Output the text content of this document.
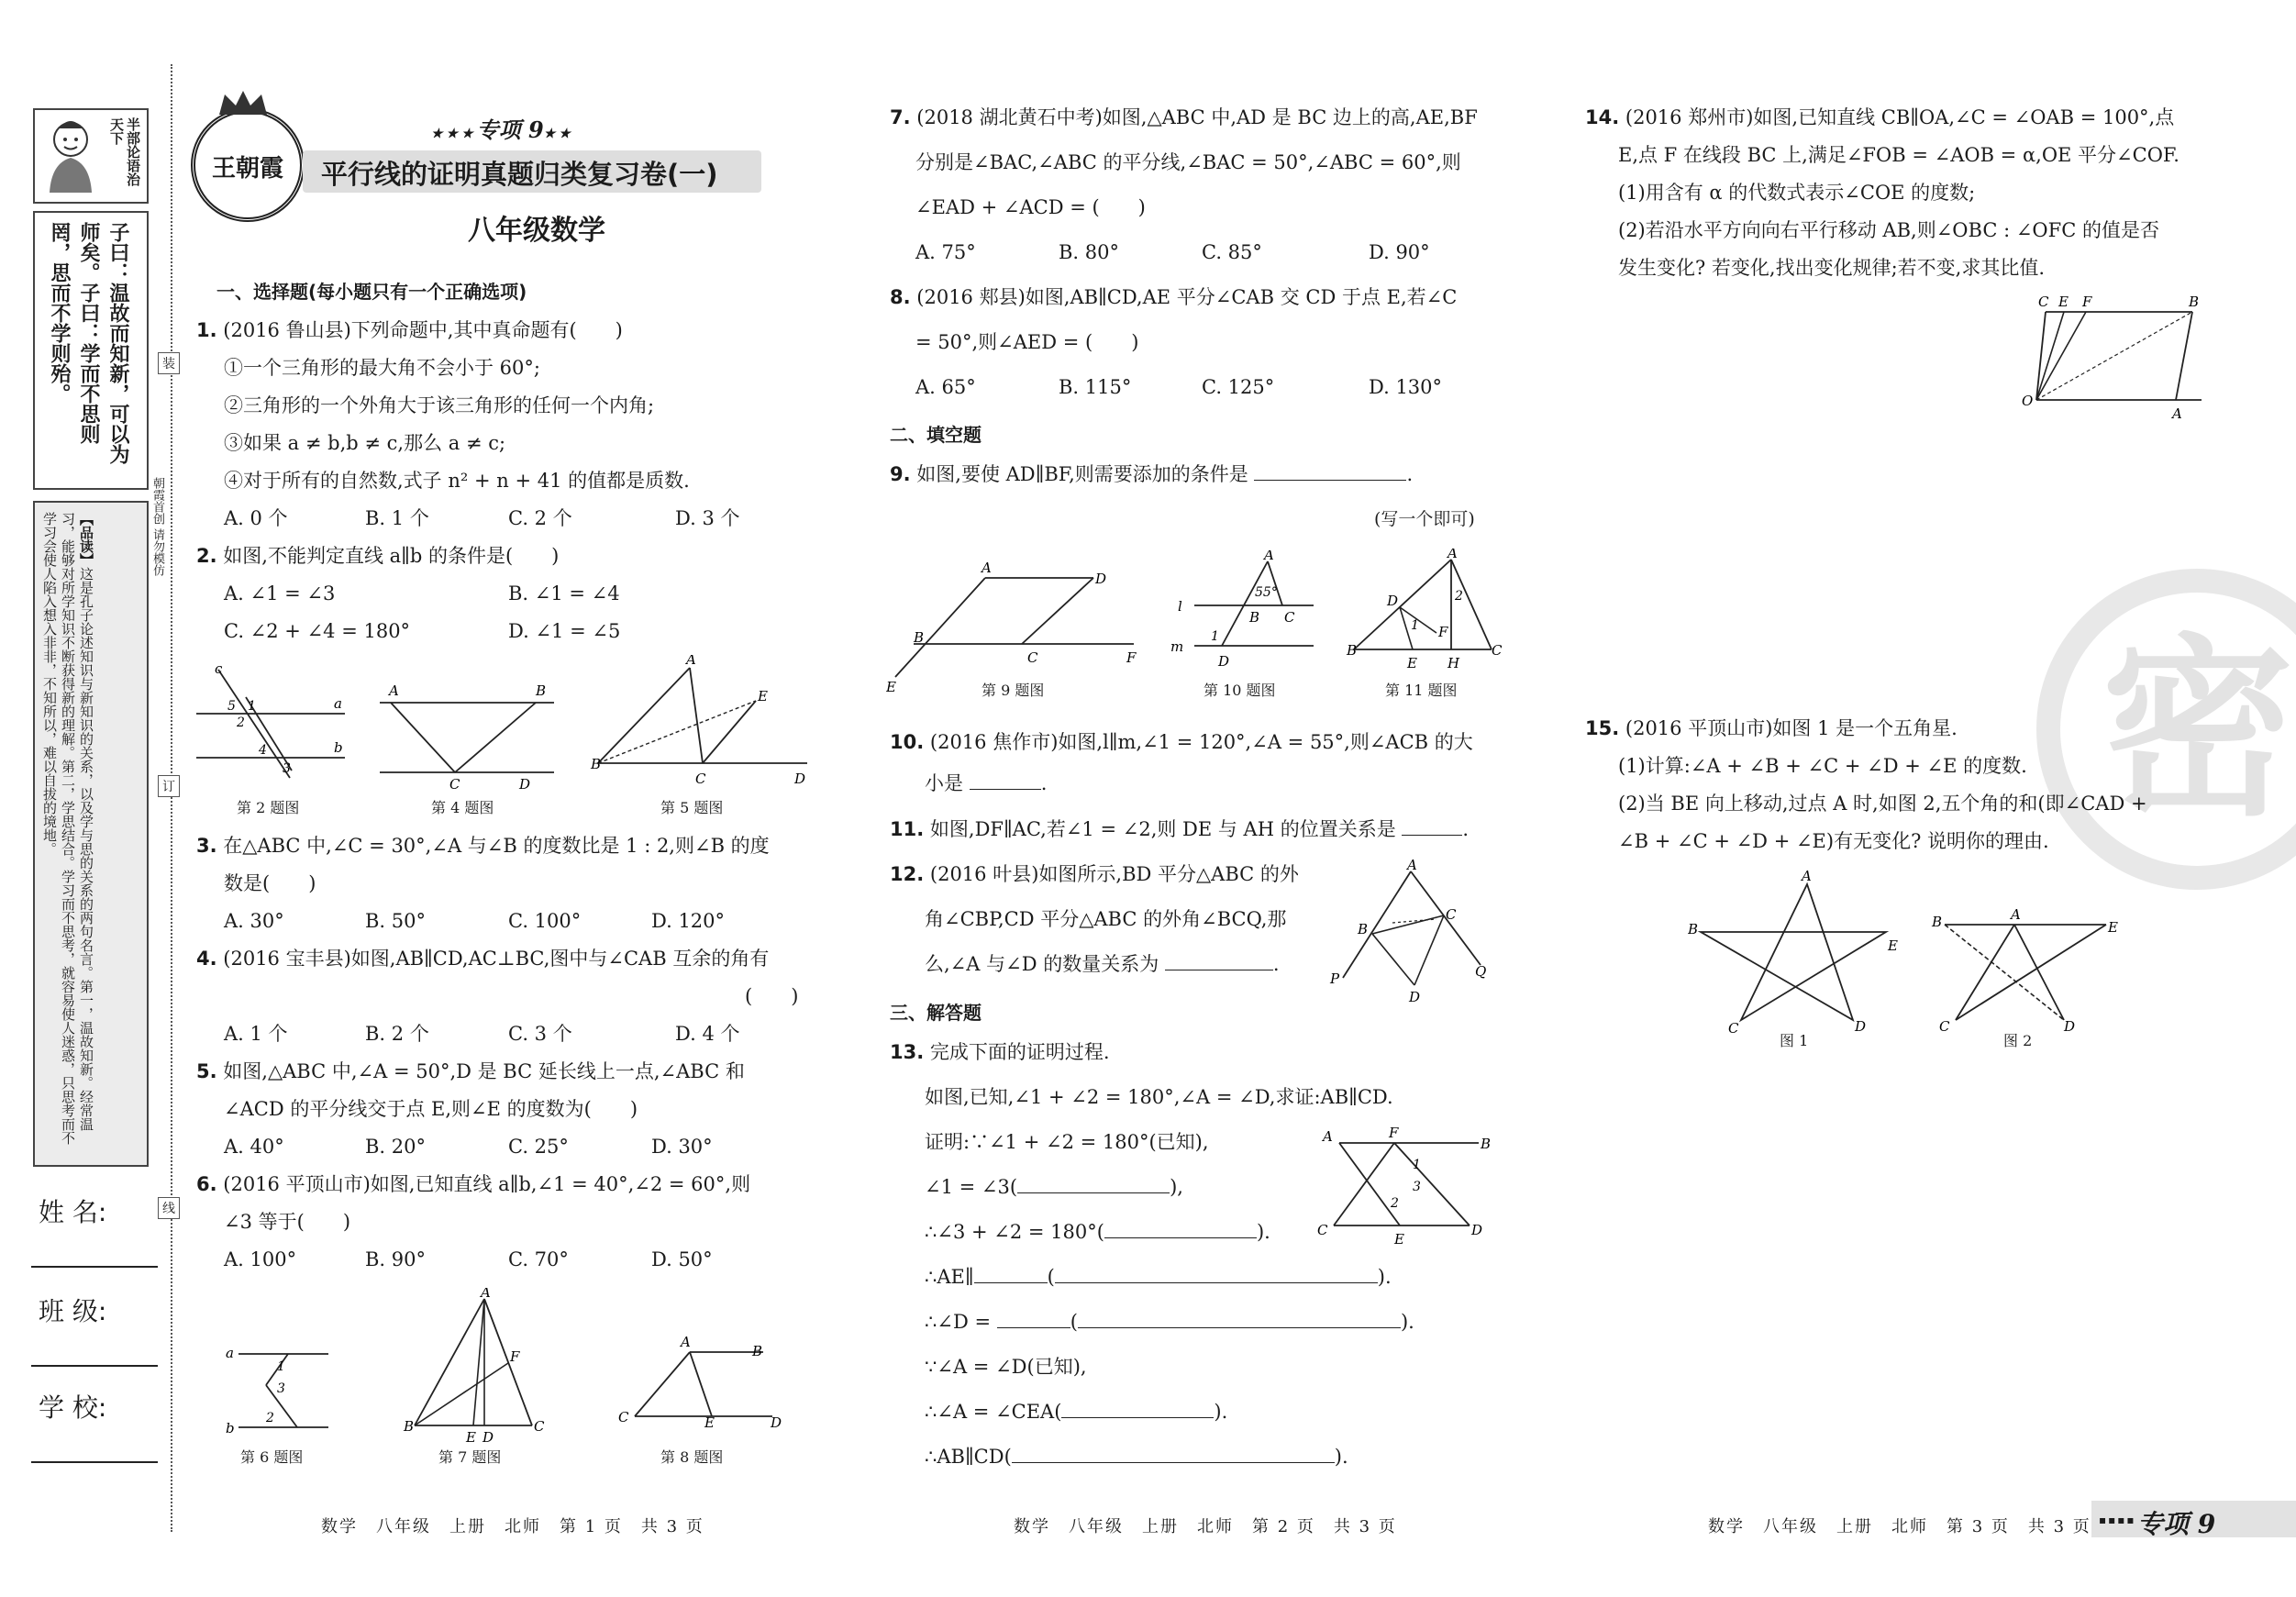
半部论语治天下
子曰：温故而知新，可以为师矣。子曰：学而不思则罔，思而不学则殆。
【品读】这是孔子论述知识与新知识的关系，以及学与思的关系的两句名言。第一，温故知新。经常温习，能够对所学知识不断获得新的理解。第二，学思结合。学习而不思考，就容易使人迷惑，只思考而不学习会使人陷入想入非非，不知所以，难以自拔的境地。
姓 名:
班 级:
学 校:
装
订
线
朝霞首创 请勿模仿
王朝霞
★★★专项 9★★
平行线的证明真题归类复习卷(一)
八年级数学
一、选择题(每小题只有一个正确选项)
1. (2016 鲁山县)下列命题中,其中真命题有(　　)
①一个三角形的最大角不会小于 60°;
②三角形的一个外角大于该三角形的任何一个内角;
③如果 a ≠ b,b ≠ c,那么 a ≠ c;
④对于所有的自然数,式子 n² + n + 41 的值都是质数.
A. 0 个	B. 1 个	C. 2 个	D. 3 个
2. 如图,不能判定直线 a∥b 的条件是(　　)
A. ∠1 = ∠3	B. ∠1 = ∠4
C. ∠2 + ∠4 = 180°	D. ∠1 = ∠5
c
a
b
5 1
2
4
3
A	B
C	D
B
A
E
C	D
第 2 题图	第 4 题图	第 5 题图
3. 在△ABC 中,∠C = 30°,∠A 与∠B 的度数比是 1 : 2,则∠B 的度
数是(　　)
A. 30°	B. 50°	C. 100°	D. 120°
4. (2016 宝丰县)如图,AB∥CD,AC⊥BC,图中与∠CAB 互余的角有
(　　)
A. 1 个	B. 2 个	C. 3 个	D. 4 个
5. 如图,△ABC 中,∠A = 50°,D 是 BC 延长线上一点,∠ABC 和
∠ACD 的平分线交于点 E,则∠E 的度数为(　　)
A. 40°	B. 20°	C. 25°	D. 30°
6. (2016 平顶山市)如图,已知直线 a∥b,∠1 = 40°,∠2 = 60°,则
∠3 等于(　　)
A. 100°	B. 90°	C. 70°	D. 50°
a
b
1
3
2
A
B	C
F
E D
A
B
C	E	D
第 6 题图	第 7 题图	第 8 题图
7. (2018 湖北黄石中考)如图,△ABC 中,AD 是 BC 边上的高,AE,BF
分别是∠BAC,∠ABC 的平分线,∠BAC = 50°,∠ABC = 60°,则
∠EAD + ∠ACD = (　　)
A. 75°	B. 80°	C. 85°	D. 90°
8. (2016 郏县)如图,AB∥CD,AE 平分∠CAB 交 CD 于点 E,若∠C
= 50°,则∠AED = (　　)
A. 65°	B. 115°	C. 125°	D. 130°
二、填空题
9. 如图,要使 AD∥BF,则需要添加的条件是	.
(写一个即可)
A
D
B
C	F
E
A
l
m
55°
B C
1
D
A
B	C
D
F
E H
1
2
第 9 题图	第 10 题图	第 11 题图
10. (2016 焦作市)如图,l∥m,∠1 = 120°,∠A = 55°,则∠ACB 的大
小是	.
11. 如图,DF∥AC,若∠1 = ∠2,则 DE 与 AH 的位置关系是	.
12. (2016 叶县)如图所示,BD 平分△ABC 的外
角∠CBP,CD 平分△ABC 的外角∠BCQ,那
么,∠A 与∠D 的数量关系为	.
A
B
C
D
P	Q
三、解答题
13. 完成下面的证明过程.
如图,已知,∠1 + ∠2 = 180°,∠A = ∠D,求证:AB∥CD.
证明:∵∠1 + ∠2 = 180°(已知),
∠1 = ∠3(	),
∴∠3 + ∠2 = 180°(	).
∴AE∥	(	).
∴∠D =	(	).
∵∠A = ∠D(已知),
∴∠A = ∠CEA(	).
∴AB∥CD(	).
A	F
B
C
E
D
1
3
2
14. (2016 郑州市)如图,已知直线 CB∥OA,∠C = ∠OAB = 100°,点
E,点 F 在线段 BC 上,满足∠FOB = ∠AOB = α,OE 平分∠COF.
(1)用含有 α 的代数式表示∠COE 的度数;
(2)若沿水平方向向右平行移动 AB,则∠OBC : ∠OFC 的值是否
发生变化? 若变化,找出变化规律;若不变,求其比值.
C E F	B
O
A
密
15. (2016 平顶山市)如图 1 是一个五角星.
(1)计算:∠A + ∠B + ∠C + ∠D + ∠E 的度数.
(2)当 BE 向上移动,过点 A 时,如图 2,五个角的和(即∠CAD +
∠B + ∠C + ∠D + ∠E)有无变化? 说明你的理由.
A
B
C	D
E
A
B	E
C	D
图 1	图 2
数学　八年级　上册　北师　第 1 页　共 3 页	数学　八年级　上册　北师　第 2 页　共 3 页	数学　八年级　上册　北师　第 3 页　共 3 页 ▪▪▪▪ 专项 9
